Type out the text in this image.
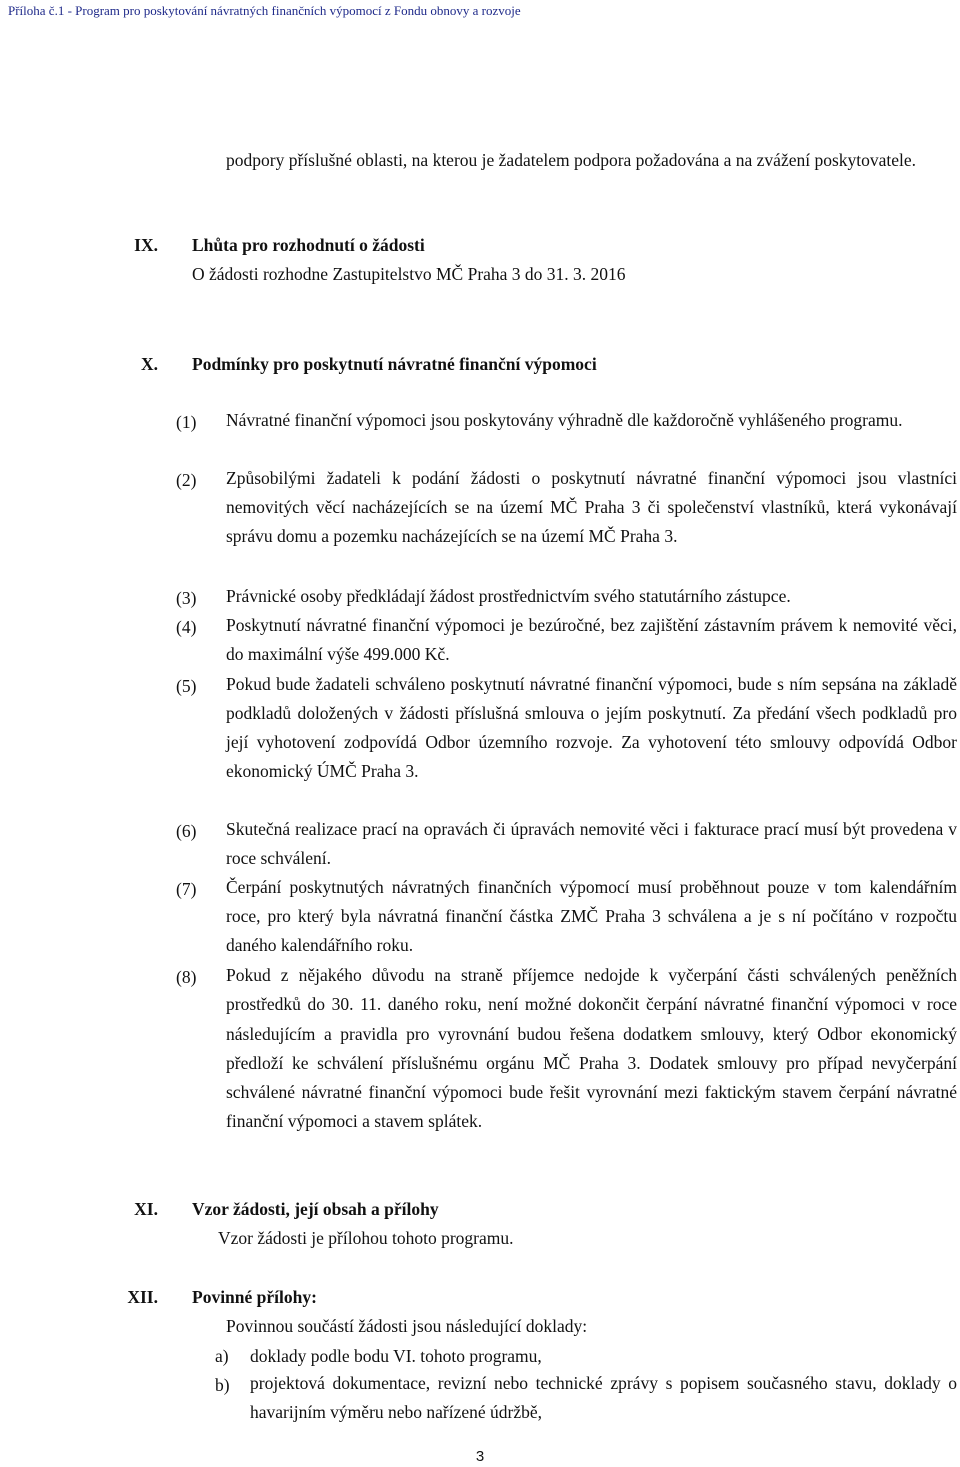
Příloha č.1 - Program pro poskytování návratných finančních výpomocí z Fondu obnovy a rozvoje
podpory příslušné oblasti, na kterou je žadatelem podpora požadována a na zvážení poskytovatele.
IX. Lhůta pro rozhodnutí o žádosti
O žádosti rozhodne Zastupitelstvo MČ Praha 3 do 31. 3. 2016
X. Podmínky pro poskytnutí návratné finanční výpomoci
(1) Návratné finanční výpomoci jsou poskytovány výhradně dle každoročně vyhlášeného programu.
(2) Způsobilými žadateli k podání žádosti o poskytnutí návratné finanční výpomoci jsou vlastníci nemovitých věcí nacházejících se na území MČ Praha 3 či společenství vlastníků, která vykonávají správu domu a pozemku nacházejících se na území MČ Praha 3.
(3) Právnické osoby předkládají žádost prostřednictvím svého statutárního zástupce.
(4) Poskytnutí návratné finanční výpomoci je bezúročné, bez zajištění zástavním právem k nemovité věci, do maximální výše 499.000 Kč.
(5) Pokud bude žadateli schváleno poskytnutí návratné finanční výpomoci, bude s ním sepsána na základě podkladů doložených v žádosti příslušná smlouva o jejím poskytnutí. Za předání všech podkladů pro její vyhotovení zodpovídá Odbor územního rozvoje. Za vyhotovení této smlouvy odpovídá Odbor ekonomický ÚMČ Praha 3.
(6) Skutečná realizace prací na opravách či úpravách nemovité věci i fakturace prací musí být provedena v roce schválení.
(7) Čerpání poskytnutých návratných finančních výpomocí musí proběhnout pouze v tom kalendářním roce, pro který byla návratná finanční částka ZMČ Praha 3 schválena a je s ní počítáno v rozpočtu daného kalendářního roku.
(8) Pokud z nějakého důvodu na straně příjemce nedojde k vyčerpání části schválených peněžních prostředků do 30. 11. daného roku, není možné dokončit čerpání návratné finanční výpomoci v roce následujícím a pravidla pro vyrovnání budou řešena dodatkem smlouvy, který Odbor ekonomický předloží ke schválení příslušnému orgánu MČ Praha 3. Dodatek smlouvy pro případ nevyčerpání schválené návratné finanční výpomoci bude řešit vyrovnání mezi faktickým stavem čerpání návratné finanční výpomoci a stavem splátek.
XI. Vzor žádosti, její obsah a přílohy
Vzor žádosti je přílohou tohoto programu.
XII. Povinné přílohy:
Povinnou součástí žádosti jsou následující doklady:
a) doklady podle bodu VI. tohoto programu,
b) projektová dokumentace, revizní nebo technické zprávy s popisem současného stavu, doklady o havarijním výměru nebo nařízené údržbě,
3
